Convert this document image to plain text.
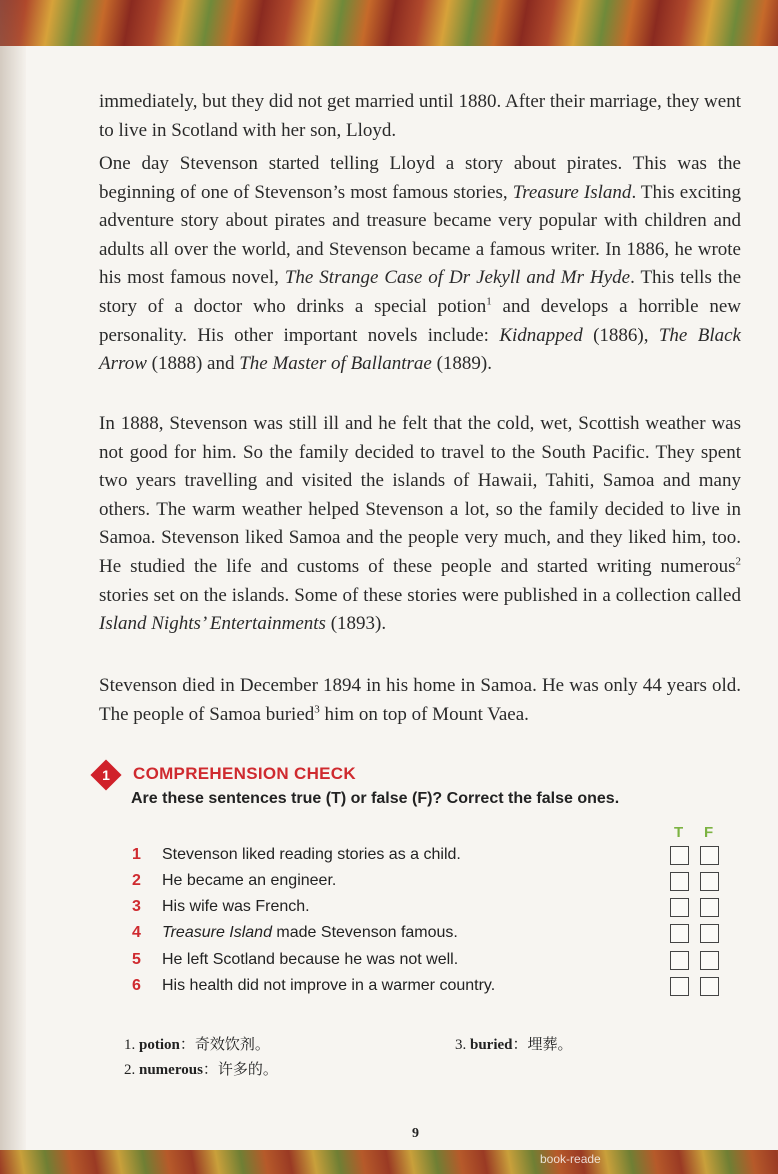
immediately, but they did not get married until 1880. After their marriage, they went to live in Scotland with her son, Lloyd.

One day Stevenson started telling Lloyd a story about pirates. This was the beginning of one of Stevenson’s most famous stories, Treasure Island. This exciting adventure story about pirates and treasure became very popular with children and adults all over the world, and Stevenson became a famous writer. In 1886, he wrote his most famous novel, The Strange Case of Dr Jekyll and Mr Hyde. This tells the story of a doctor who drinks a special potion$^1$ and develops a horrible new personality. His other important novels include: Kidnapped (1886), The Black Arrow (1888) and The Master of Ballantrae (1889).

In 1888, Stevenson was still ill and he felt that the cold, wet, Scottish weather was not good for him. So the family decided to travel to the South Pacific. They spent two years travelling and visited the islands of Hawaii, Tahiti, Samoa and many others. The warm weather helped Stevenson a lot, so the family decided to live in Samoa. Stevenson liked Samoa and the people very much, and they liked him, too. He studied the life and customs of these people and started writing numerous$^2$ stories set on the islands. Some of these stories were published in a collection called Island Nights’ Entertainments (1893).

Stevenson died in December 1894 in his home in Samoa. He was only 44 years old. The people of Samoa buried$^3$ him on top of Mount Vaea.

1	COMPREHENSION CHECK
Are these sentences true (T) or false (F)? Correct the false ones.
T F
1 Stevenson liked reading stories as a child.
2 He became an engineer.
3 His wife was French.
4 Treasure Island made Stevenson famous.
5 He left Scotland because he was not well.
6 His health did not improve in a warmer country.
1. potion：奇效饮剂。
2. numerous：许多的。
3. buried：埋葬。
9
book-reade
